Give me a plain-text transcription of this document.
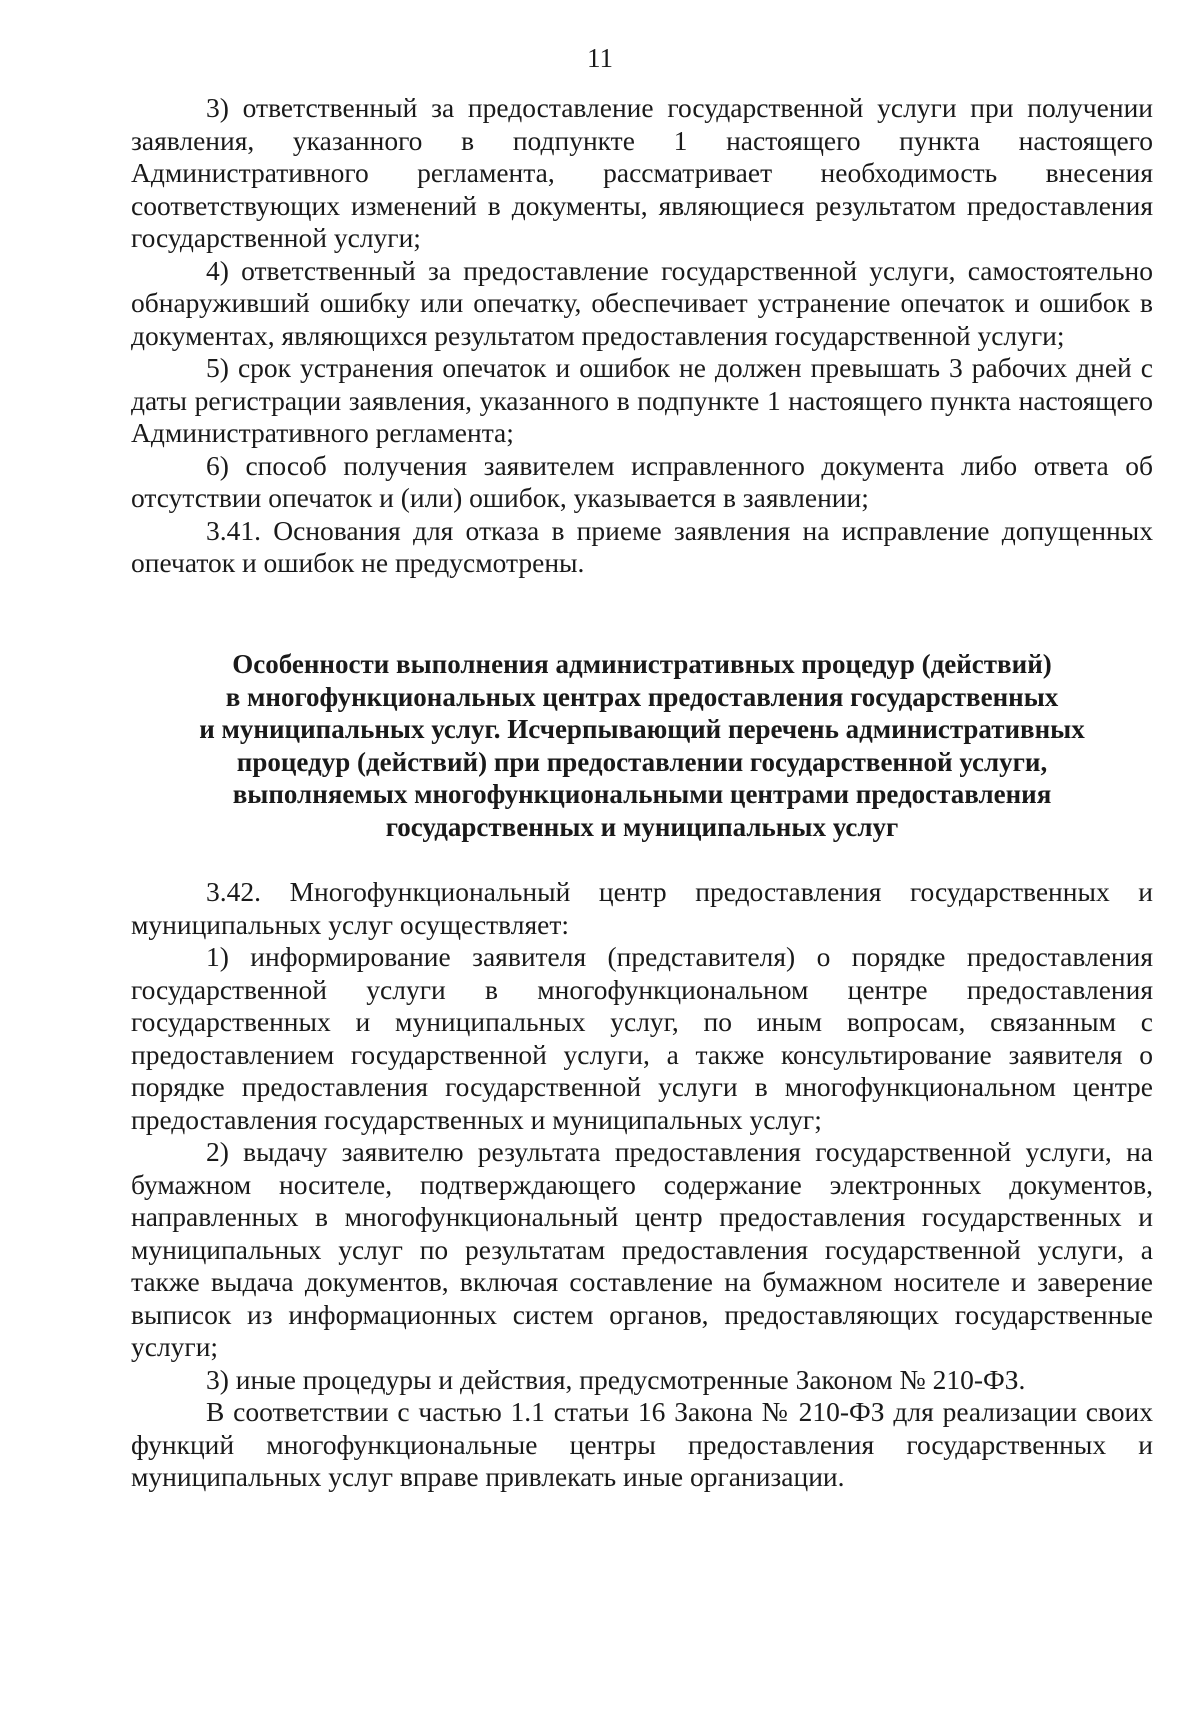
11

3) ответственный за предоставление государственной услуги при получении заявления, указанного в подпункте 1 настоящего пункта настоящего Административного регламента, рассматривает необходимость внесения соответствующих изменений в документы, являющиеся результатом предоставления государственной услуги;

4) ответственный за предоставление государственной услуги, самостоятельно обнаруживший ошибку или опечатку, обеспечивает устранение опечаток и ошибок в документах, являющихся результатом предоставления государственной услуги;

5) срок устранения опечаток и ошибок не должен превышать 3 рабочих дней с даты регистрации заявления, указанного в подпункте 1 настоящего пункта настоящего Административного регламента;

6) способ получения заявителем исправленного документа либо ответа об отсутствии опечаток и (или) ошибок, указывается в заявлении;

3.41. Основания для отказа в приеме заявления на исправление допущенных опечаток и ошибок не предусмотрены.

Особенности выполнения административных процедур (действий)
в многофункциональных центрах предоставления государственных
и муниципальных услуг. Исчерпывающий перечень административных
процедур (действий) при предоставлении государственной услуги,
выполняемых многофункциональными центрами предоставления
государственных и муниципальных услуг

3.42. Многофункциональный центр предоставления государственных и муниципальных услуг осуществляет:

1) информирование заявителя (представителя) о порядке предоставления государственной услуги в многофункциональном центре предоставления государственных и муниципальных услуг, по иным вопросам, связанным с предоставлением государственной услуги, а также консультирование заявителя о порядке предоставления государственной услуги в многофункциональном центре предоставления государственных и муниципальных услуг;

2) выдачу заявителю результата предоставления государственной услуги, на бумажном носителе, подтверждающего содержание электронных документов, направленных в многофункциональный центр предоставления государственных и муниципальных услуг по результатам предоставления государственной услуги, а также выдача документов, включая составление на бумажном носителе и заверение выписок из информационных систем органов, предоставляющих государственные услуги;

3) иные процедуры и действия, предусмотренные Законом № 210-ФЗ.

В соответствии с частью 1.1 статьи 16 Закона № 210-ФЗ для реализации своих функций многофункциональные центры предоставления государственных и муниципальных услуг вправе привлекать иные организации.
